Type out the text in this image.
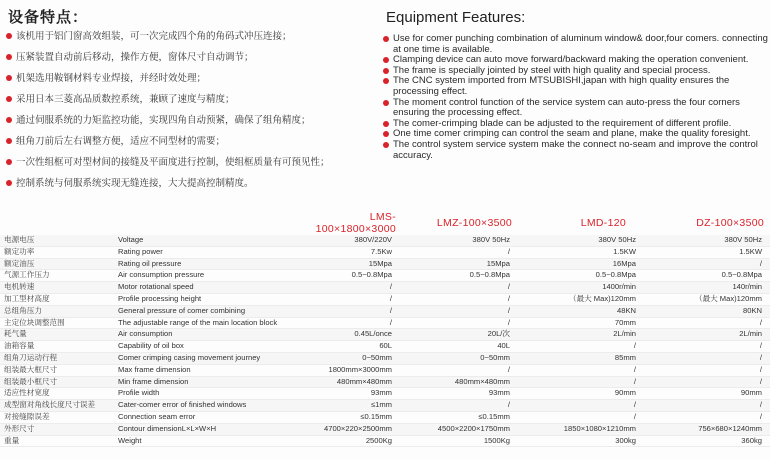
设备特点：
该机用于铝门窗高效组装，可一次完成四个角的角码式冲压连接；
压紧装置自动前后移动，操作方便，窗体尺寸自动调节；
机架选用鞍钢材料专业焊接，并经时效处理；
采用日本三菱高品质数控系统，兼顾了速度与精度；
通过伺服系统的力矩监控功能，实现四角自动预紧，确保了组角精度；
组角刀前后左右调整方便，适应不同型材的需要；
一次性组框可对型材间的接缝及平面度进行控制，使组框质量有可预见性；
控制系统与伺服系统实现无缝连接，大大提高控制精度。
Equipment Features:
Use for comer punching combination of aluminum window& door,four comers. connecting at one time is available.
Clamping device can auto move forward/backward making the operation convenient.
The frame is specially jointed by steel with high quality and special process.
The CNC system imported from MTSUBISHI,japan with high quality ensures the processing effect.
The moment control function of the service system can auto-press the four corners ensuring the processing effect.
The comer-crimping blade can be adjusted to the requirement of different profile.
One time comer crimping can control the seam and plane, make the quality foresight.
The control system service system make the connect no-seam and improve the control accuracy.
		LMS-100×1800×3000	LMZ-100×3500	LMD-120	DZ-100×3500
电源电压	Voltage	380V/220V	380V 50Hz	380V 50Hz	380V 50Hz
额定功率	Rating power	7.5Kw	/	1.5KW	1.5KW
额定油压	Rating oil pressure	15Mpa	15Mpa	16Mpa	/
气源工作压力	Air consumption pressure	0.5~0.8Mpa	0.5~0.8Mpa	0.5~0.8Mpa	0.5~0.8Mpa
电机转速	Motor rotational speed	/	/	1400r/min	140r/min
加工型材高度	Profile processing height	/	/	（最大 Max)120mm	（最大 Max)120mm
总组角压力	General pressure of comer combining	/	/	48KN	80KN
主定位块调整范围	The adjustable range of the main location block	/	/	70mm	/
耗气量	Air consumption	0.45L/once	20L/次	2L/min	2L/min
油箱容量	Capability of oil box	60L	40L	/	/
组角刀运动行程	Comer crimping casing movement journey	0~50mm	0~50mm	85mm	/
组装最大框尺寸	Max frame dimension	1800mm×3000mm	/	/	/
组装最小框尺寸	Min frame dimension	480mm×480mm	480mm×480mm	/	/
适应性材宽度	Profile width	93mm	93mm	90mm	90mm
成型窗对角线长度尺寸误差	Cater-comer error of finished windows	≤1mm	/	/	/
对接缝隙误差	Connection seam error	≤0.15mm	≤0.15mm	/	/
外形尺寸	Contour dimensionL×L×W×H	4700×220×2500mm	4500×2200×1750mm	1850×1080×1210mm	756×680×1240mm
重量	Weight	2500Kg	1500Kg	300kg	360kg
